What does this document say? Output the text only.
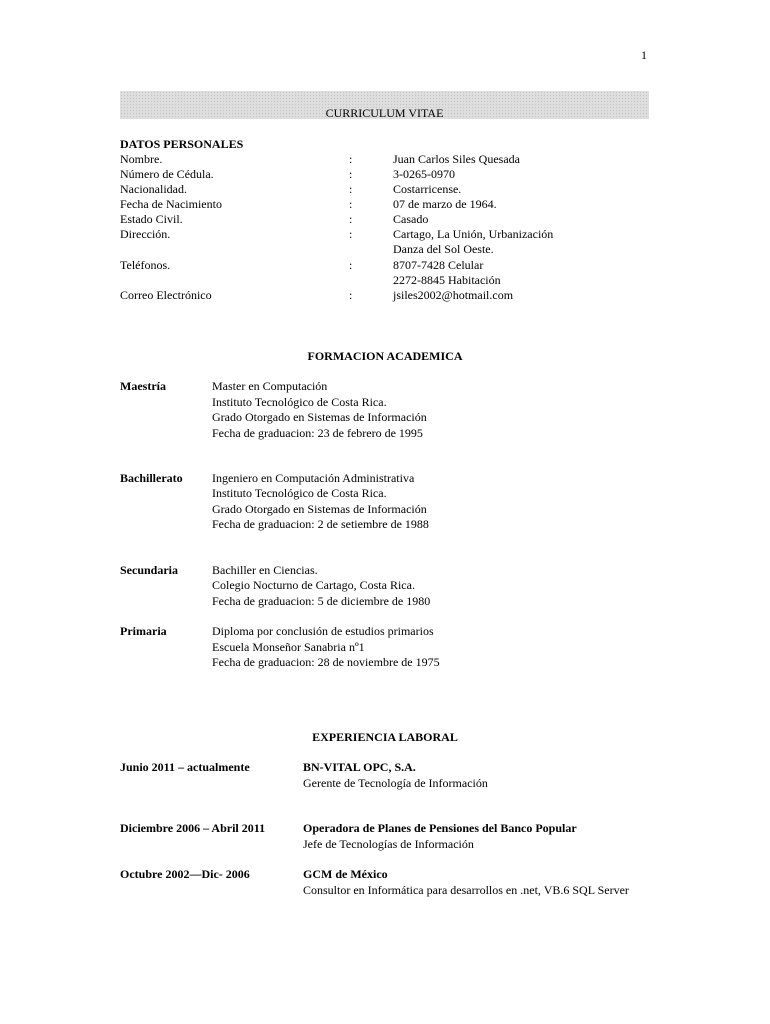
1
CURRICULUM VITAE
DATOS PERSONALES
Nombre.	:	Juan Carlos Siles Quesada
Número de Cédula.	:	3-0265-0970
Nacionalidad.	:	Costarricense.
Fecha de Nacimiento	:	07 de marzo de 1964.
Estado Civil.	:	Casado
Dirección.	:	Cartago, La Unión, Urbanización
Danza del Sol Oeste.
Teléfonos.	:	8707-7428 Celular
2272-8845 Habitación
Correo Electrónico	:	jsiles2002@hotmail.com
FORMACION ACADEMICA
Maestría	Master en Computación
Instituto Tecnológico de Costa Rica.
Grado Otorgado en Sistemas de Información
Fecha de graduacion: 23 de febrero de 1995
Bachillerato Ingeniero en Computación Administrativa
Instituto Tecnológico de Costa Rica.
Grado Otorgado en Sistemas de Información
Fecha de graduacion: 2 de setiembre de 1988
Secundaria	Bachiller en Ciencias.
Colegio Nocturno de Cartago, Costa Rica.
Fecha de graduacion: 5 de diciembre de 1980
Primaria	Diploma por conclusión de estudios primarios
Escuela Monseñor Sanabria nº1
Fecha de graduacion: 28 de noviembre de 1975
EXPERIENCIA LABORAL
Junio 2011 – actualmente	BN-VITAL OPC, S.A.
Gerente de Tecnología de Información
Diciembre 2006 – Abril 2011	Operadora de Planes de Pensiones del Banco Popular
Jefe de Tecnologías de Información
Octubre 2002—Dic- 2006	GCM de México
Consultor en Informática para desarrollos en .net, VB.6 SQL Server
